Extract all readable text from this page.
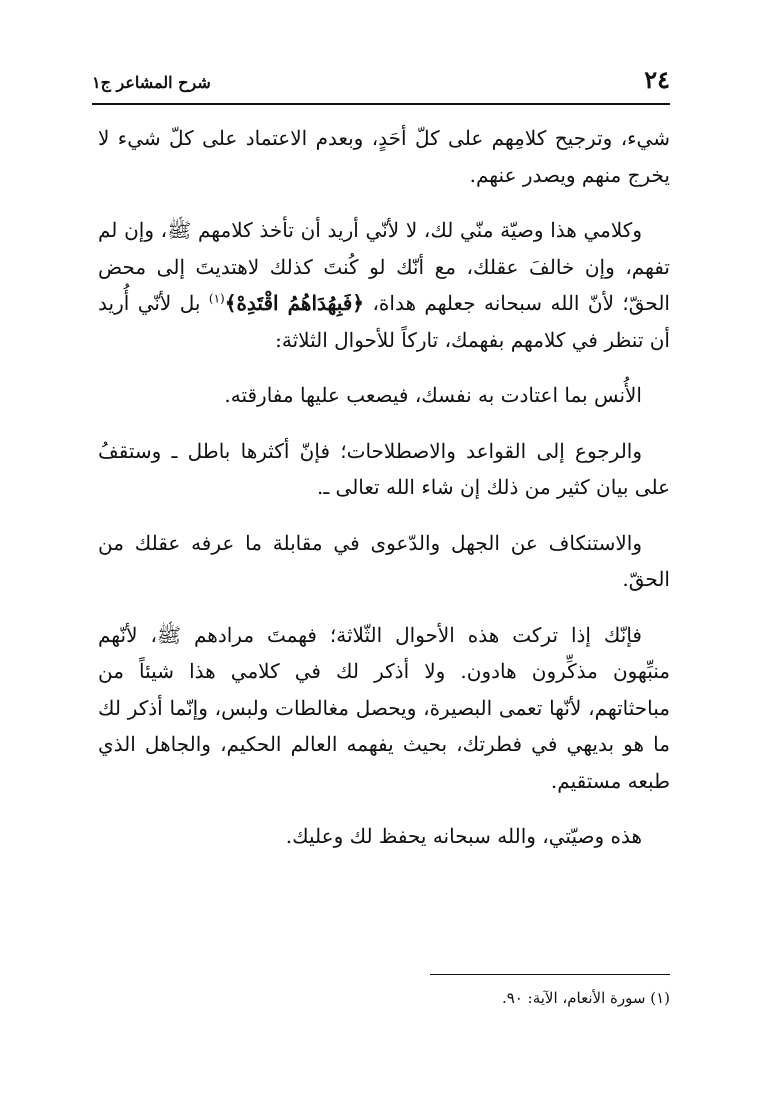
٢٤
شرح المشاعر ج١

شيء، وترجيح كلامِهم على كلّ أحَدٍ، وبعدم الاعتماد على كلّ شيء لا يخرج منهم ويصدر عنهم.

وكلامي هذا وصيّة منّي لك، لا لأنّي أريد أن تأخذ كلامهم ﷺ، وإن لم تفهم، وإن خالفَ عقلك، مع أنّك لو كُنتَ كذلك لاهتديتَ إلى محض الحقّ؛ لأنّ الله سبحانه جعلهم هداة، ﴿فَبِهُدَاهُمُ اقْتَدِهْ﴾$^{(١)}$ بل لأنّي أُريد أن تنظر في كلامهم بفهمك، تاركاً للأحوال الثلاثة:

الأُنس بما اعتادت به نفسك، فيصعب عليها مفارقته.

والرجوع إلى القواعد والاصطلاحات؛ فإنّ أكثرها باطل ـ وستقفُ على بيان كثير من ذلك إن شاء الله تعالى ـ.

والاستنكاف عن الجهل والدّعوى في مقابلة ما عرفه عقلك من الحقّ.

فإنّك إذا تركت هذه الأحوال الثّلاثة؛ فهمتَ مرادهم ﷺ، لأنّهم منبِّهون مذكِّرون هادون. ولا أذكر لك في كلامي هذا شيئاً من مباحثاتهم، لأنّها تعمى البصيرة، ويحصل مغالطات ولبس، وإنّما أذكر لك ما هو بديهي في فطرتك، بحيث يفهمه العالم الحكيم، والجاهل الذي طبعه مستقيم.

هذه وصيّتي، والله سبحانه يحفظ لك وعليك.

(١) سورة الأنعام، الآية: ٩٠.
